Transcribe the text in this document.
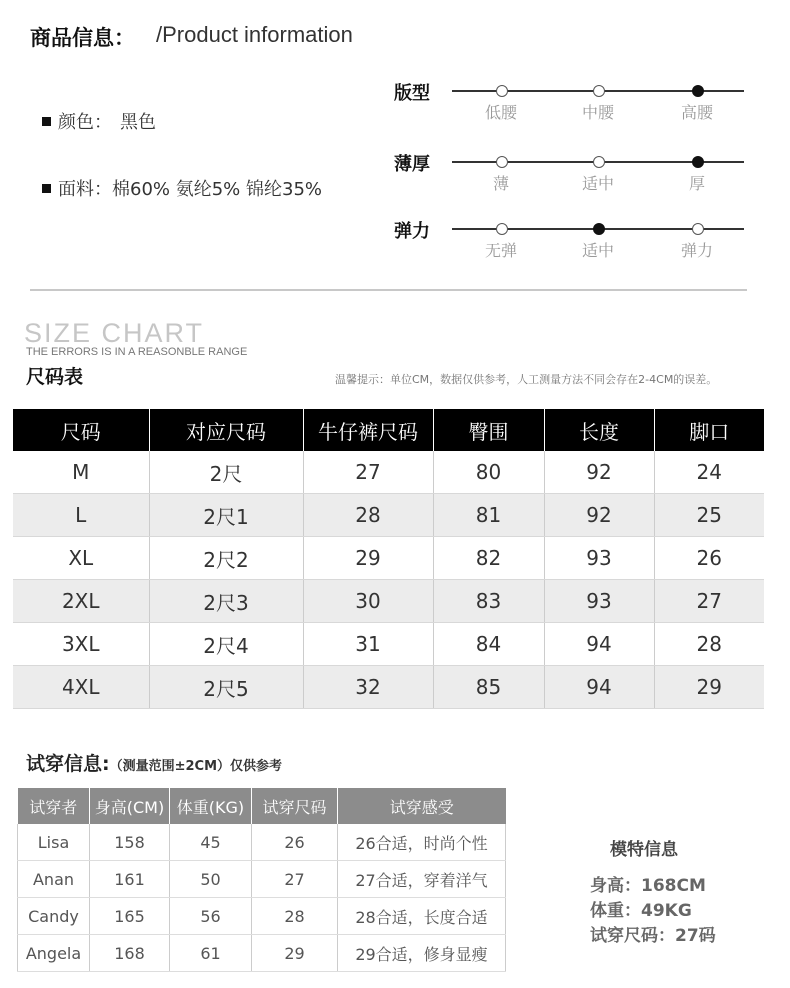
商品信息： /Product information
颜色： 黑色
面料： 棉60% 氨纶5% 锦纶35%
版型
低腰	中腰	高腰
薄厚
薄	适中	厚
弹力
无弹	适中	弹力
SIZE CHART
THE ERRORS IS IN A REASONBLE RANGE
尺码表	温馨提示：单位CM，数据仅供参考，人工测量方法不同会存在2-4CM的误差。
尺码	对应尺码	牛仔裤尺码	臀围	长度	脚口
M	2尺	27	80	92	24
L	2尺1	28	81	92	25
XL	2尺2	29	82	93	26
2XL	2尺3	30	83	93	27
3XL	2尺4	31	84	94	28
4XL	2尺5	32	85	94	29
试穿信息:（测量范围±2CM）仅供参考
试穿者	身高(CM)	体重(KG)	试穿尺码	试穿感受
Lisa	158	45	26	26合适，时尚个性
Anan	161	50	27	27合适，穿着洋气
Candy	165	56	28	28合适，长度合适
Angela	168	61	29	29合适，修身显瘦
模特信息
身高：168CM
体重：49KG
试穿尺码：27码
